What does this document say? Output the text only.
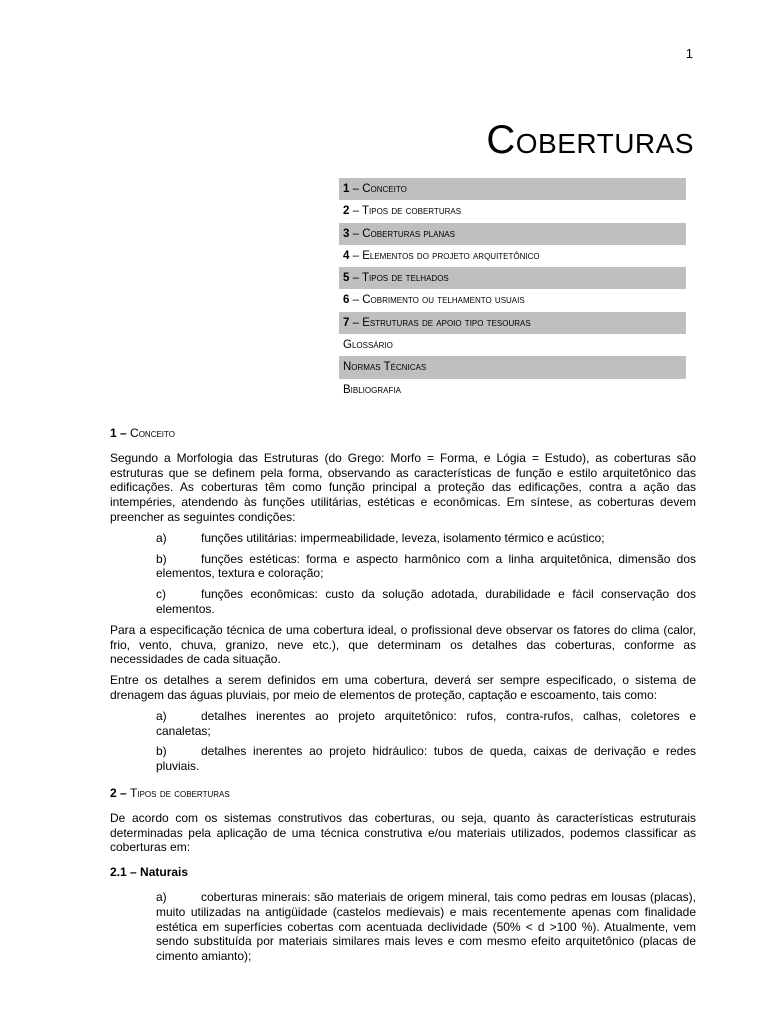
1
Coberturas
1 – Conceito
2 – Tipos de coberturas
3 – Coberturas planas
4 – Elementos do projeto arquitetônico
5 – Tipos de telhados
6 – Cobrimento ou telhamento usuais
7 – Estruturas de apoio tipo tesouras
Glossário
Normas Técnicas
Bibliografia
1 – Conceito

Segundo a Morfologia das Estruturas (do Grego: Morfo = Forma, e Lógia = Estudo), as coberturas são estruturas que se definem pela forma, observando as características de função e estilo arquitetônico das edificações. As coberturas têm como função principal a proteção das edificações, contra a ação das intempéries, atendendo às funções utilitárias, estéticas e econômicas. Em síntese, as coberturas devem preencher as seguintes condições:

a)	funções utilitárias: impermeabilidade, leveza, isolamento térmico e acústico;
b)	funções estéticas: forma e aspecto harmônico com a linha arquitetônica, dimensão dos elementos, textura e coloração;
c)	funções econômicas: custo da solução adotada, durabilidade e fácil conservação dos elementos.

Para a especificação técnica de uma cobertura ideal, o profissional deve observar os fatores do clima (calor, frio, vento, chuva, granizo, neve etc.), que determinam os detalhes das coberturas, conforme as necessidades de cada situação.

Entre os detalhes a serem definidos em uma cobertura, deverá ser sempre especificado, o sistema de drenagem das águas pluviais, por meio de elementos de proteção, captação e escoamento, tais como:

a)	detalhes inerentes ao projeto arquitetônico: rufos, contra-rufos, calhas, coletores e canaletas;
b)	detalhes inerentes ao projeto hidráulico: tubos de queda, caixas de derivação e redes pluviais.
2 – Tipos de coberturas

De acordo com os sistemas construtivos das coberturas, ou seja, quanto às características estruturais determinadas pela aplicação de uma técnica construtiva e/ou materiais utilizados, podemos classificar as coberturas em:

2.1 – Naturais
a)	coberturas minerais: são materiais de origem mineral, tais como pedras em lousas (placas), muito utilizadas na antigüidade (castelos medievais) e mais recentemente apenas com finalidade estética em superfícies cobertas com acentuada declividade (50% < d >100 %). Atualmente, vem sendo substituída por materiais similares mais leves e com mesmo efeito arquitetônico (placas de cimento amianto);
